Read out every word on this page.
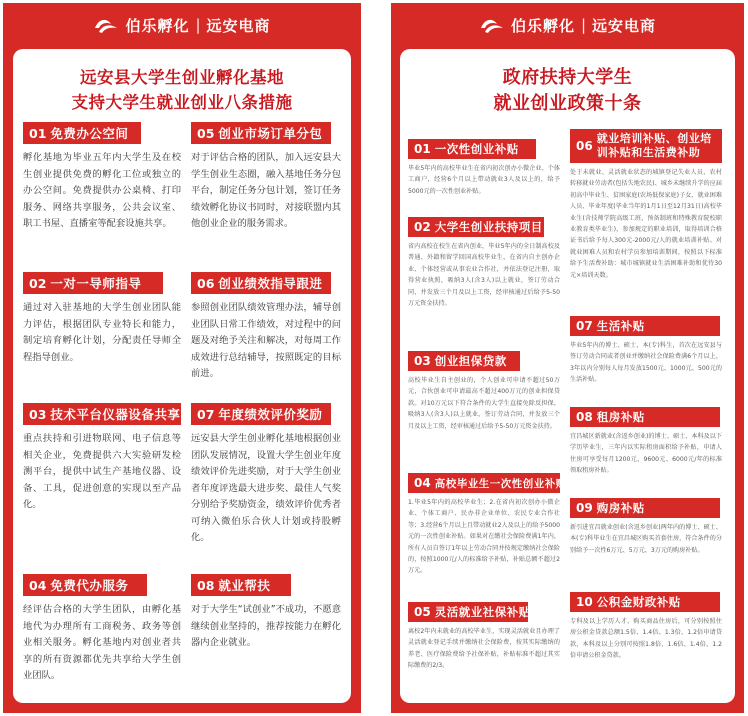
伯乐孵化 | 远安电商
远安县大学生创业孵化基地
支持大学生就业创业八条措施
01 免费办公空间
孵化基地为毕业五年内大学生及在校生创业提供免费的孵化工位或独立的办公空间。免费提供办公桌椅、打印服务、网络共享服务，公共会议室、职工书屋、直播室等配套设施共享。
05 创业市场订单分包
对于评估合格的团队，加入远安县大学生创业生态圈，融入基地任务分包平台，制定任务分包计划，签订任务绩效孵化协议书同时，对接联盟内其他创业企业的服务需求。
02 一对一导师指导
通过对入驻基地的大学生创业团队能力评估，根据团队专业特长和能力，制定培育孵化计划，分配责任导师全程指导创业。
06 创业绩效指导跟进
参照创业团队绩效管理办法，辅导创业团队日常工作绩效，对过程中的问题及对绝予关注和解决，对每周工作成效进行总结辅导，按照既定的目标前进。
03 技术平台仪器设备共享
重点扶持和引进物联网、电子信息等相关企业，免费提供六大实验研发检测平台，提供中试生产基地仪器、设备、工具，促进创意的实现以至产品化。
07 年度绩效评价奖励
远安县大学生创业孵化基地根据创业团队发展情况，设置大学生创业年度绩效评价先进奖励，对于大学生创业者年度评选最大进步奖、最佳人气奖分别给予奖励资金，绩效评价优秀者可纳入微伯乐合伙人计划或持股孵化。
04 免费代办服务
经评估合格的大学生团队，由孵化基地代为办理所有工商税务、政务等创业相关服务。孵化基地内对创业者共享的所有资源都优先共享给大学生创业团队。
08 就业帮扶
对于大学生“试创业”不成功，不愿意继续创业坚持的，推荐按能力在孵化器内企业就业。
伯乐孵化 | 远安电商
政府扶持大学生
就业创业政策十条
01 一次性创业补贴
毕业5年内的高校毕业生在省内初次创办小微企业、个体工商户，经营6个月以上带动就业3人及以上的，给予5000元的一次性创业补贴。
02 大学生创业扶持项目
省内高校在校生在省内创业，毕业5年内的全日制高校及普通、外籍和留学回国高校毕业生，在省内自主创办企业、个体经营或从事农业合作社，并依法登记注册，取得营业执照，吸纳3人(含3人)以上就业，签订劳动合同，并发放三个月及以上工资，经审核通过后给予5-50万元资金扶持。
03 创业担保贷款
高校毕业生自主创业的，个人创业可申请不超过50万元，合伙创业可申请最高不超过400万元的创业担保贷款。对10万元以下符合条件的大学生直接免除反担保，吸纳3人(含3人)以上就业，签订劳动合同，并发放三个月及以上工资，经审核通过后给予5-50万元资金扶持。
04 高校毕业生一次性创业补贴
1.毕业5年内的高校毕业生；2.在省内初次创办小微企业、个体工商户、民办非企业单位、农民专业合作社等；3.经营6个月以上且带动就业2人及以上的给予5000元的一次性创业补贴。如果对在缴社会保险费满1年内，所有人员自签订1年以上劳动合同并按规定缴纳社会保险的，按照1000元/人的标准给予补贴，补贴总额不超过2万元。
05 灵活就业社保补贴
离校2年内未就业的高校毕业生，实现灵活就业且办理了灵活就业登记手续并缴纳社会保险费，按其实际缴纳的养老、医疗保险费给予社保补贴，补贴标准不超过其实际缴费的2/3。
06
就业培训补贴、创业培训补贴和生活费补助
处于未就业、灵活就业状态的城镇登记失业人员、农村转移就业劳动者(包括失地农民)、城乡未继续升学的应届初高中毕业生、贫困家庭(农场低保家庭)子女、就业困难人员、毕业年度(毕业当年的1月1日至12月31日)高校毕业生(含技师学院高级工班、预备制班和特殊教育院校职业教育类毕业生)，参加规定的职业培训，取得培训合格证书后给予每人300元-2000元/人的就业培训补贴。对就业困难人员和农村学员参加培训期间，按照以下标准给予生活费补助：城市城镇就业生活困难补助和优待30元×培训天数。
07 生活补贴
毕业5年内的博士、硕士、本(专)科生，首次在远安县与签订劳动合同或者创业并缴纳社会保险费满6个月以上，3年以内分别每人每月发放1500元、1000元、500元的生活补贴。
08 租房补贴
宜昌城区新就业(含返乡创业)的博士、硕士、本科及以下学历毕业生，三年内以实际租房面积给予补贴，申请人住房可享受每月1200元、9600元、6000元/年的标准领取租房补贴。
09 购房补贴
新引进宜昌就业创业(含返乡创业)两年内的博士、硕士、本(专)科毕业生在宜昌城区购买首套住房，符合条件的分别给予一次性6万元、5万元、3万元的购房补贴。
10 公积金财政补贴
专科及以上学历人才，购买商品住房后，可分别按照住房公积金贷款总额1.5倍、1.4倍、1.3倍、1.2倍申请贷款，本科及以上分别可按照1.8倍、1.6倍、1.4倍、1.2倍申请公积金贷款。
